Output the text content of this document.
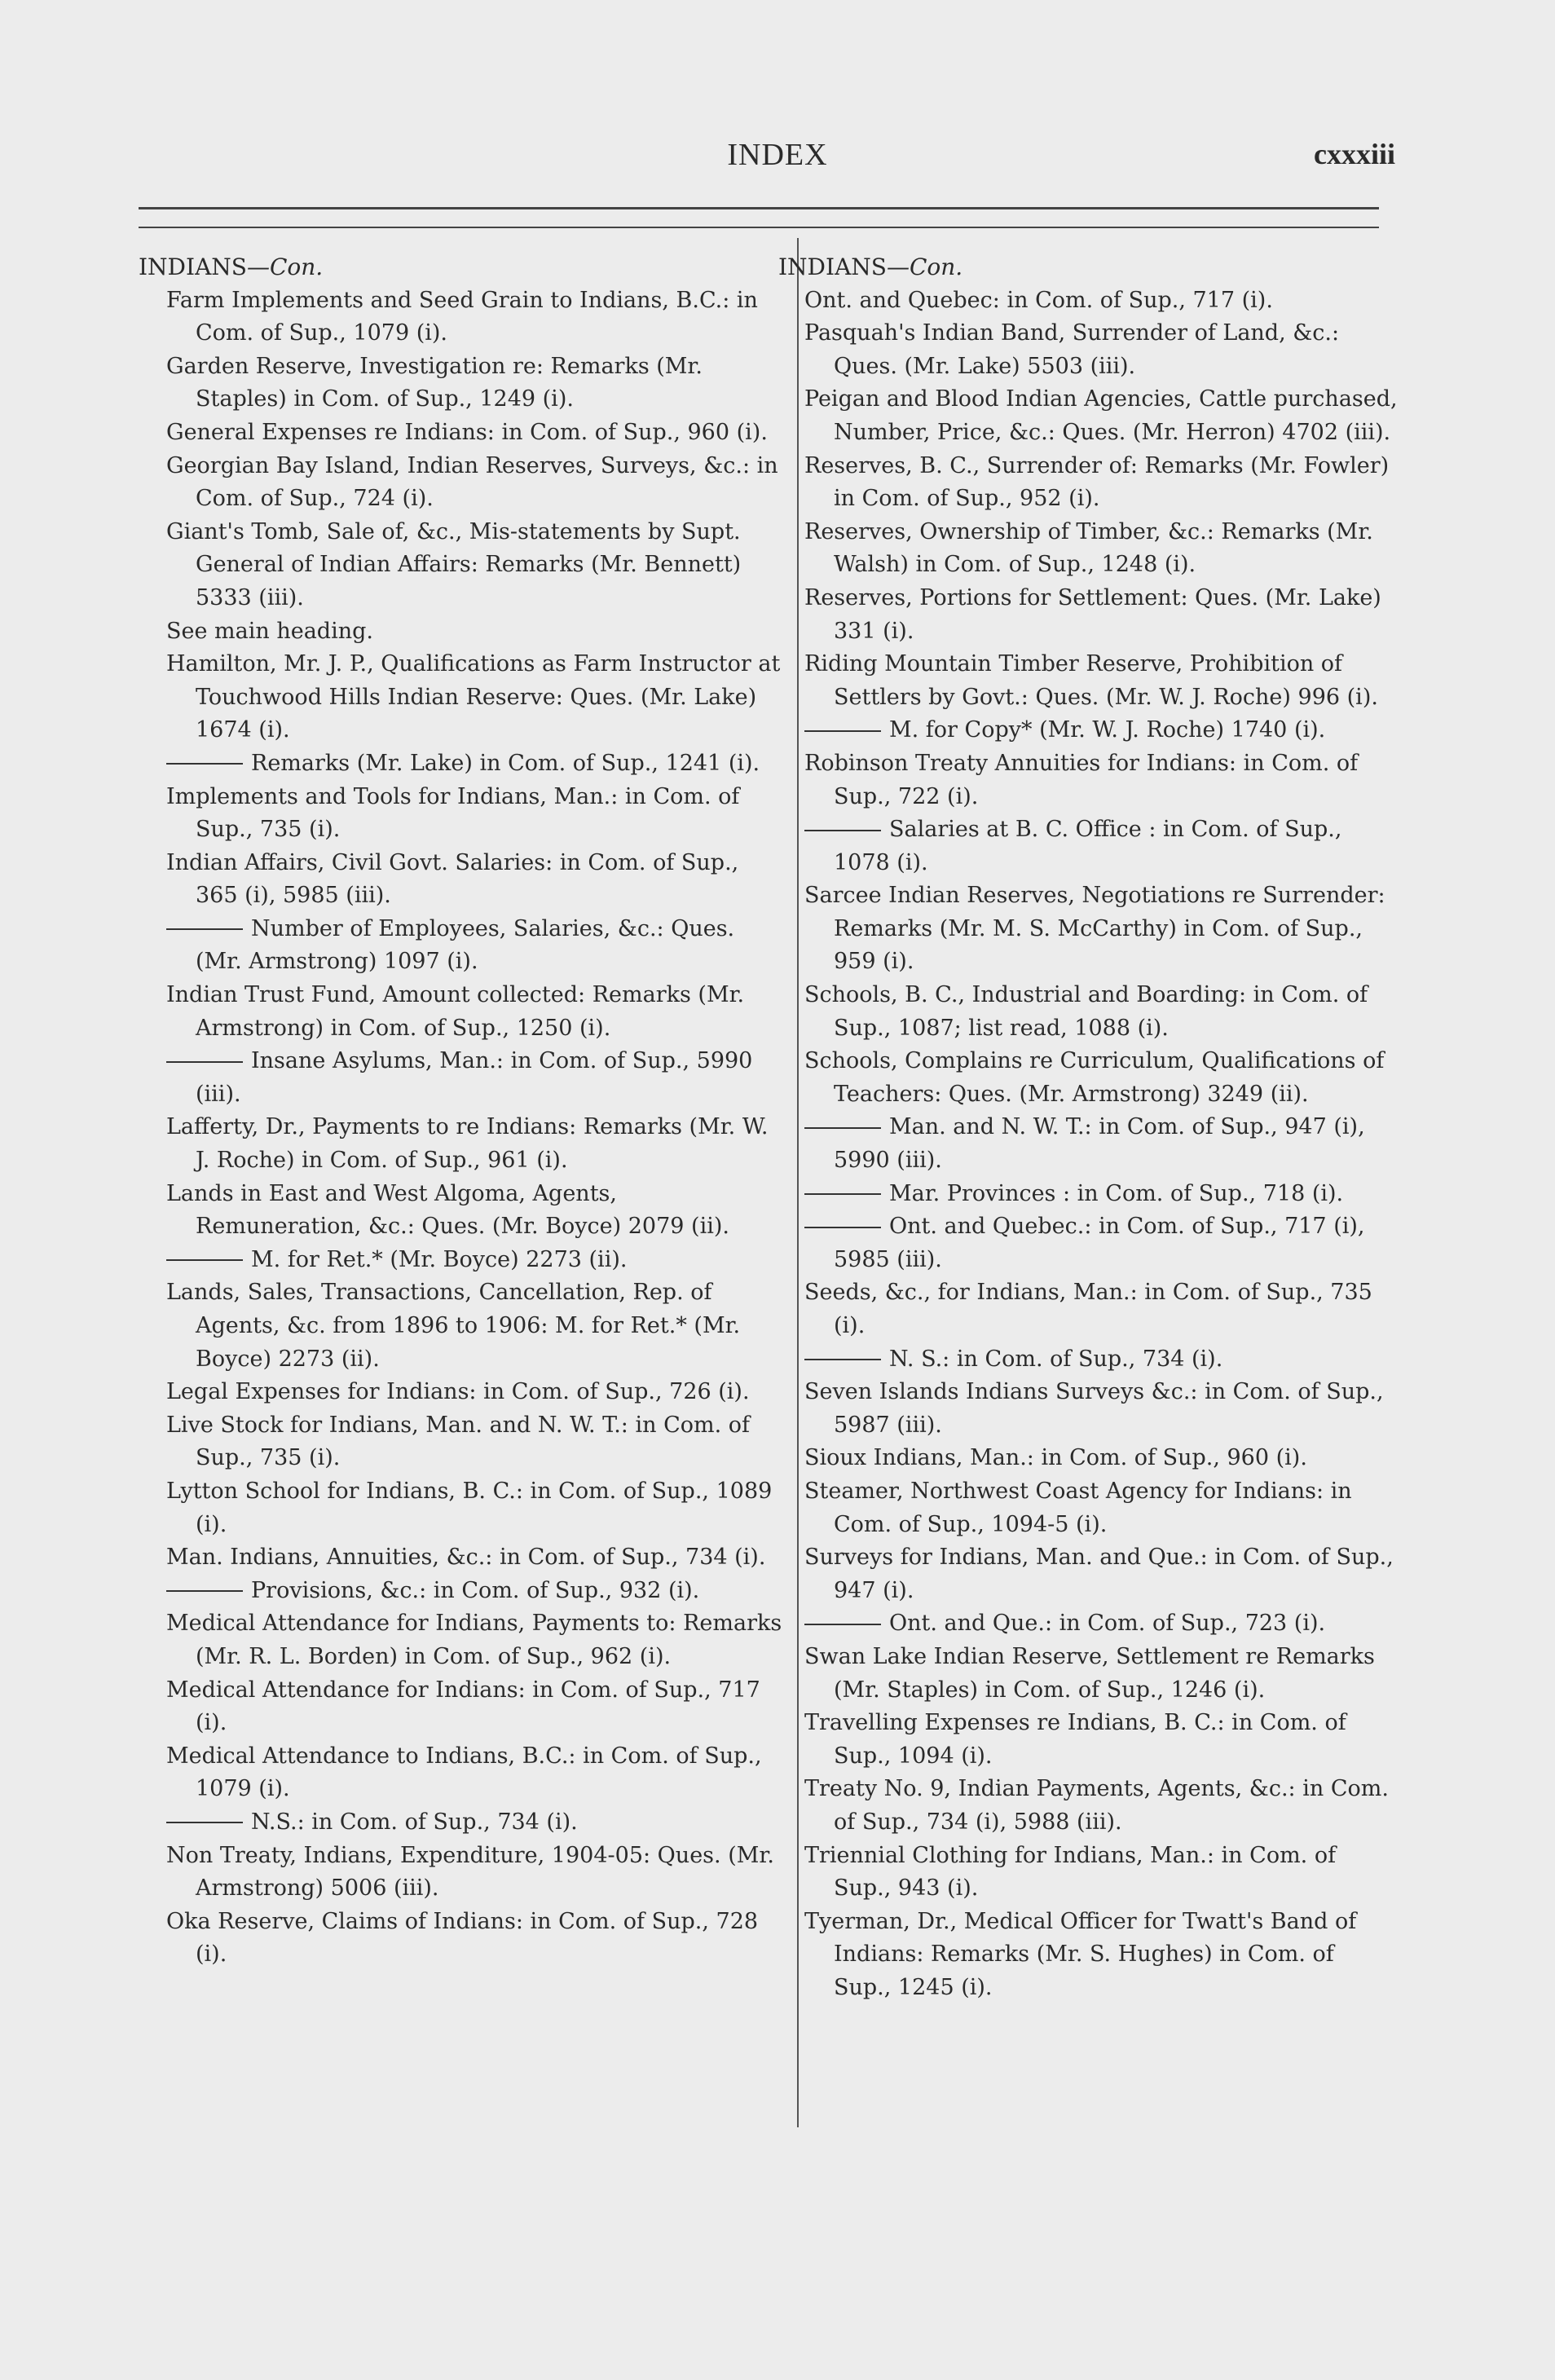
INDEX	cxxxiii
INDIANS—Con.
Farm Implements and Seed Grain to Indians, B.C.: in Com. of Sup., 1079 (i).
Garden Reserve, Investigation re: Remarks (Mr. Staples) in Com. of Sup., 1249 (i).
General Expenses re Indians: in Com. of Sup., 960 (i).
Georgian Bay Island, Indian Reserves, Surveys, &c.: in Com. of Sup., 724 (i).
Giant's Tomb, Sale of, &c., Mis-statements by Supt. General of Indian Affairs: Remarks (Mr. Bennett) 5333 (iii).
See main heading.
Hamilton, Mr. J. P., Qualifications as Farm Instructor at Touchwood Hills Indian Reserve: Ques. (Mr. Lake) 1674 (i).
Remarks (Mr. Lake) in Com. of Sup., 1241 (i).
Implements and Tools for Indians, Man.: in Com. of Sup., 735 (i).
Indian Affairs, Civil Govt. Salaries: in Com. of Sup., 365 (i), 5985 (iii).
Number of Employees, Salaries, &c.: Ques. (Mr. Armstrong) 1097 (i).
Indian Trust Fund, Amount collected: Remarks (Mr. Armstrong) in Com. of Sup., 1250 (i).
Insane Asylums, Man.: in Com. of Sup., 5990 (iii).
Lafferty, Dr., Payments to re Indians: Remarks (Mr. W. J. Roche) in Com. of Sup., 961 (i).
Lands in East and West Algoma, Agents, Remuneration, &c.: Ques. (Mr. Boyce) 2079 (ii).
M. for Ret.* (Mr. Boyce) 2273 (ii).
Lands, Sales, Transactions, Cancellation, Rep. of Agents, &c. from 1896 to 1906: M. for Ret.* (Mr. Boyce) 2273 (ii).
Legal Expenses for Indians: in Com. of Sup., 726 (i).
Live Stock for Indians, Man. and N. W. T.: in Com. of Sup., 735 (i).
Lytton School for Indians, B. C.: in Com. of Sup., 1089 (i).
Man. Indians, Annuities, &c.: in Com. of Sup., 734 (i).
Provisions, &c.: in Com. of Sup., 932 (i).
Medical Attendance for Indians, Payments to: Remarks (Mr. R. L. Borden) in Com. of Sup., 962 (i).
Medical Attendance for Indians: in Com. of Sup., 717 (i).
Medical Attendance to Indians, B.C.: in Com. of Sup., 1079 (i).
N.S.: in Com. of Sup., 734 (i).
Non Treaty, Indians, Expenditure, 1904-05: Ques. (Mr. Armstrong) 5006 (iii).
Oka Reserve, Claims of Indians: in Com. of Sup., 728 (i).
INDIANS—Con.
Ont. and Quebec: in Com. of Sup., 717 (i).
Pasquah's Indian Band, Surrender of Land, &c.: Ques. (Mr. Lake) 5503 (iii).
Peigan and Blood Indian Agencies, Cattle purchased, Number, Price, &c.: Ques. (Mr. Herron) 4702 (iii).
Reserves, B. C., Surrender of: Remarks (Mr. Fowler) in Com. of Sup., 952 (i).
Reserves, Ownership of Timber, &c.: Remarks (Mr. Walsh) in Com. of Sup., 1248 (i).
Reserves, Portions for Settlement: Ques. (Mr. Lake) 331 (i).
Riding Mountain Timber Reserve, Prohibition of Settlers by Govt.: Ques. (Mr. W. J. Roche) 996 (i).
M. for Copy* (Mr. W. J. Roche) 1740 (i).
Robinson Treaty Annuities for Indians: in Com. of Sup., 722 (i).
Salaries at B. C. Office : in Com. of Sup., 1078 (i).
Sarcee Indian Reserves, Negotiations re Surrender: Remarks (Mr. M. S. McCarthy) in Com. of Sup., 959 (i).
Schools, B. C., Industrial and Boarding: in Com. of Sup., 1087; list read, 1088 (i).
Schools, Complains re Curriculum, Qualifications of Teachers: Ques. (Mr. Armstrong) 3249 (ii).
Man. and N. W. T.: in Com. of Sup., 947 (i), 5990 (iii).
Mar. Provinces : in Com. of Sup., 718 (i).
Ont. and Quebec.: in Com. of Sup., 717 (i), 5985 (iii).
Seeds, &c., for Indians, Man.: in Com. of Sup., 735 (i).
N. S.: in Com. of Sup., 734 (i).
Seven Islands Indians Surveys &c.: in Com. of Sup., 5987 (iii).
Sioux Indians, Man.: in Com. of Sup., 960 (i).
Steamer, Northwest Coast Agency for Indians: in Com. of Sup., 1094-5 (i).
Surveys for Indians, Man. and Que.: in Com. of Sup., 947 (i).
Ont. and Que.: in Com. of Sup., 723 (i).
Swan Lake Indian Reserve, Settlement re Remarks (Mr. Staples) in Com. of Sup., 1246 (i).
Travelling Expenses re Indians, B. C.: in Com. of Sup., 1094 (i).
Treaty No. 9, Indian Payments, Agents, &c.: in Com. of Sup., 734 (i), 5988 (iii).
Triennial Clothing for Indians, Man.: in Com. of Sup., 943 (i).
Tyerman, Dr., Medical Officer for Twatt's Band of Indians: Remarks (Mr. S. Hughes) in Com. of Sup., 1245 (i).
